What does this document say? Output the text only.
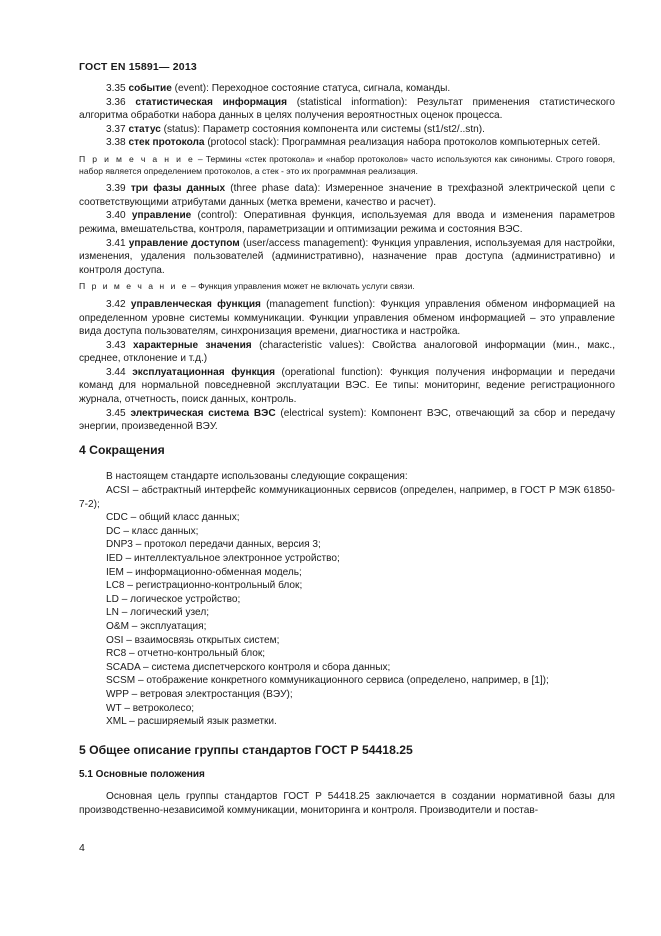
ГОСТ EN 15891— 2013

3.35 событие (event): Переходное состояние статуса, сигнала, команды.

3.36 статистическая информация (statistical information): Результат применения статистического алгоритма обработки набора данных в целях получения вероятностных оценок процесса.

3.37 статус (status): Параметр состояния компонента или системы (st1/st2/..stn).

3.38 стек протокола (protocol stack): Программная реализация набора протоколов компьютерных сетей.

П р и м е ч а н и е – Термины «стек протокола» и «набор протоколов» часто используются как синонимы. Строго говоря, набор является определением протоколов, а стек - это их программная реализация.

3.39 три фазы данных (three phase data): Измеренное значение в трехфазной электрической цепи с соответствующими атрибутами данных (метка времени, качество и расчет).

3.40 управление (control): Оперативная функция, используемая для ввода и изменения параметров режима, вмешательства, контроля, параметризации и оптимизации режима и состояния ВЭС.

3.41 управление доступом (user/access management): Функция управления, используемая для настройки, изменения, удаления пользователей (административно), назначение прав доступа (административно) и контроля доступа.

П р и м е ч а н и е – Функция управления может не включать услуги связи.

3.42 управленческая функция (management function): Функция управления обменом информацией на определенном уровне системы коммуникации. Функции управления обменом информацией – это управление вида доступа пользователям, синхронизация времени, диагностика и настройка.

3.43 характерные значения (characteristic values): Свойства аналоговой информации (мин., макс., среднее, отклонение и т.д.)

3.44 эксплуатационная функция (operational function): Функция получения информации и передачи команд для нормальной повседневной эксплуатации ВЭС. Ее типы: мониторинг, ведение регистрационного журнала, отчетность, поиск данных, контроль.

3.45 электрическая система ВЭС (electrical system): Компонент ВЭС, отвечающий за сбор и передачу энергии, произведенной ВЭУ.

4 Сокращения

В настоящем стандарте использованы следующие сокращения:

ACSI – абстрактный интерфейс коммуникационных сервисов (определен, например, в ГОСТ Р МЭК 61850-7-2);

CDC – общий класс данных;

DC – класс данных;

DNP3 – протокол передачи данных, версия 3;

IED – интеллектуальное электронное устройство;

IEM – информационно-обменная модель;

LC8 – регистрационно-контрольный блок;

LD – логическое устройство;

LN – логический узел;

O&M – эксплуатация;

OSI – взаимосвязь открытых систем;

RC8 – отчетно-контрольный блок;

SCADA – система диспетчерского контроля и сбора данных;

SCSM – отображение конкретного коммуникационного сервиса (определено, например, в [1]);

WPP – ветровая электростанция (ВЭУ);

WT – ветроколесо;

XML – расширяемый язык разметки.

5 Общее описание группы стандартов ГОСТ Р 54418.25
5.1 Основные положения

Основная цель группы стандартов ГОСТ Р 54418.25 заключается в создании нормативной базы для производственно-независимой коммуникации, мониторинга и контроля. Производители и постав-

4
